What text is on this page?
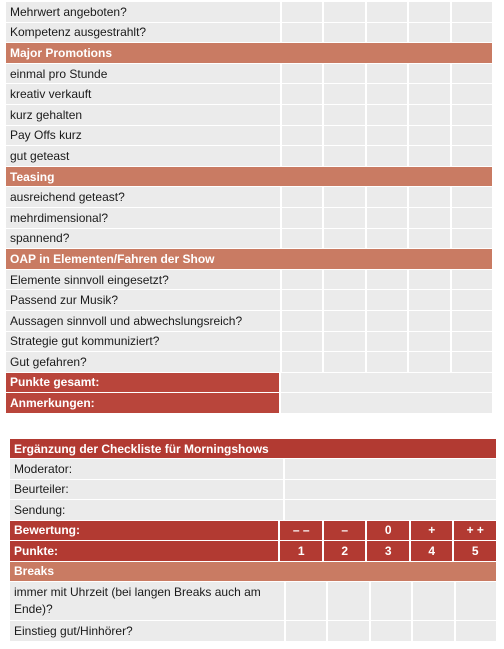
Mehrwert angeboten?
Kompetenz ausgestrahlt?
Major Promotions
einmal pro Stunde
kreativ verkauft
kurz gehalten
Pay Offs kurz
gut geteast
Teasing
ausreichend geteast?
mehrdimensional?
spannend?
OAP in Elementen/Fahren der Show
Elemente sinnvoll eingesetzt?
Passend zur Musik?
Aussagen sinnvoll und abwechslungsreich?
Strategie gut kommuniziert?
Gut gefahren?
Punkte gesamt:
Anmerkungen:
Ergänzung der Checkliste für Morningshows
Moderator:
Beurteiler:
Sendung:
Bewertung:	– –	–	0	+	+ +
Punkte:	1	2	3	4	5
Breaks
immer mit Uhrzeit (bei langen Breaks auch am Ende)?
Einstieg gut/Hinhörer?
